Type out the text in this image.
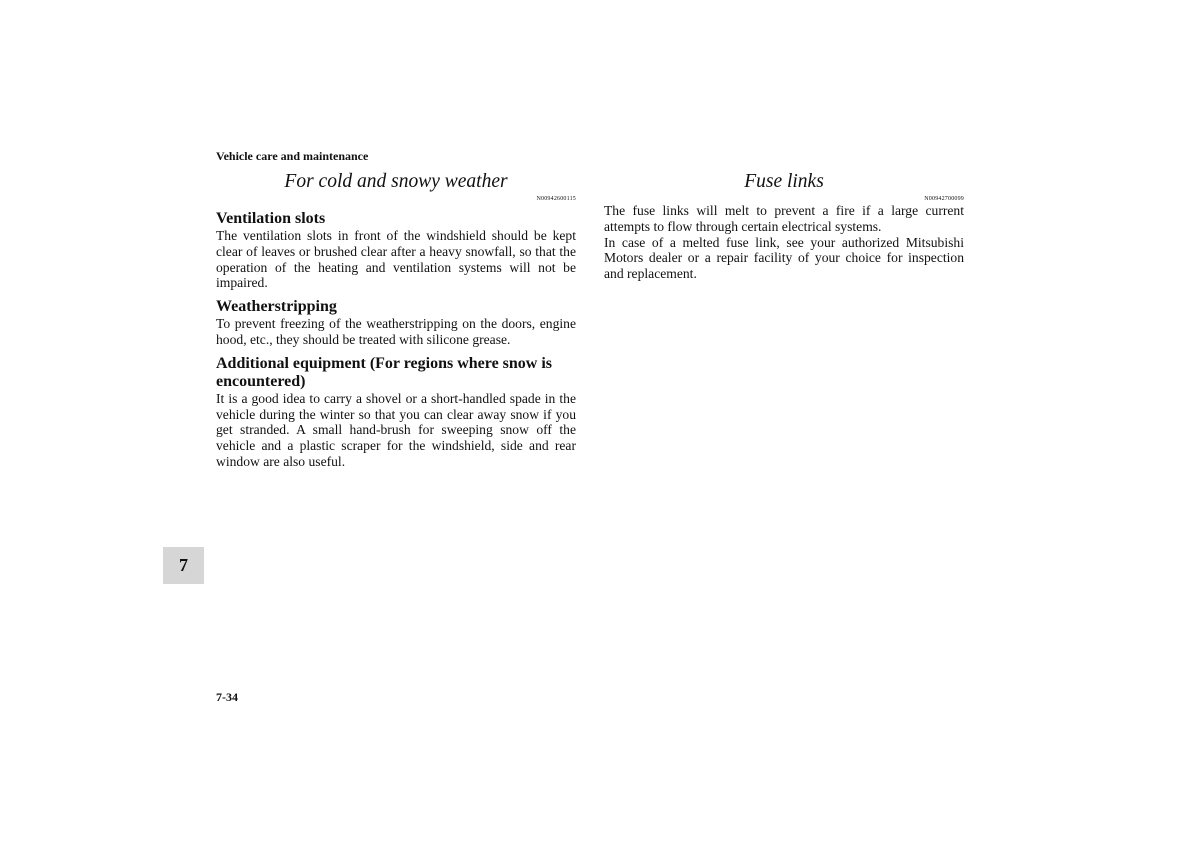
Vehicle care and maintenance
For cold and snowy weather
N00942600115
Ventilation slots

The ventilation slots in front of the windshield should be kept clear of leaves or brushed clear after a heavy snowfall, so that the operation of the heating and ventilation systems will not be impaired.

Weatherstripping

To prevent freezing of the weatherstripping on the doors, engine hood, etc., they should be treated with silicone grease.

Additional equipment (For regions where snow is encountered)

It is a good idea to carry a shovel or a short-handled spade in the vehicle during the winter so that you can clear away snow if you get stranded. A small hand-brush for sweeping snow off the vehicle and a plastic scraper for the windshield, side and rear window are also useful.

Fuse links
N00942700099

The fuse links will melt to prevent a fire if a large current attempts to flow through certain electrical systems.

In case of a melted fuse link, see your authorized Mitsubishi Motors dealer or a repair facility of your choice for inspection and replacement.

7
7-34
